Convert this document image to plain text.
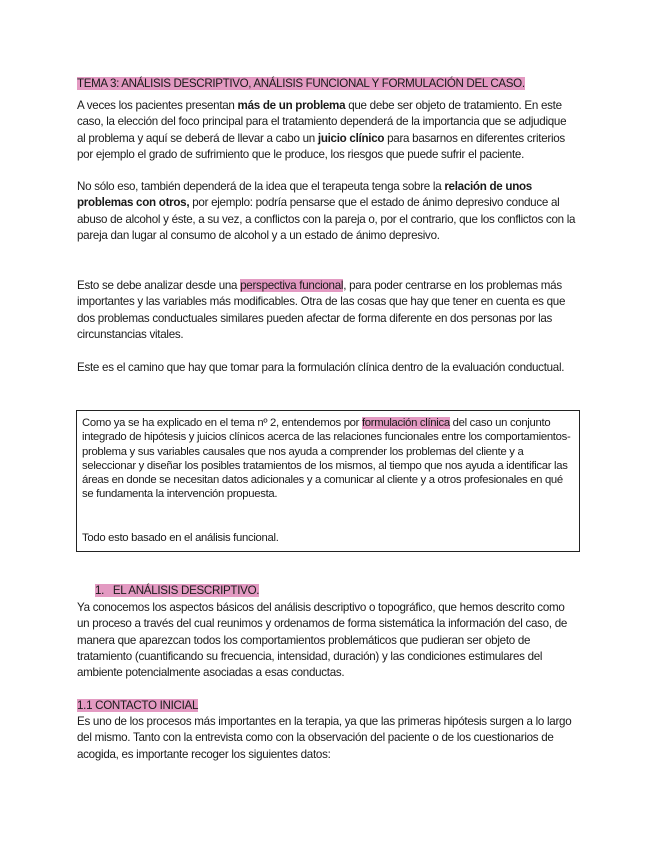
TEMA 3: ANÁLISIS DESCRIPTIVO, ANÁLISIS FUNCIONAL Y FORMULACIÓN DEL CASO.

A veces los pacientes presentan más de un problema que debe ser objeto de tratamiento. En este caso, la elección del foco principal para el tratamiento dependerá de la importancia que se adjudique al problema y aquí se deberá de llevar a cabo un juicio clínico para basarnos en diferentes criterios por ejemplo el grado de sufrimiento que le produce, los riesgos que puede sufrir el paciente.

No sólo eso, también dependerá de la idea que el terapeuta tenga sobre la relación de unos problemas con otros, por ejemplo: podría pensarse que el estado de ánimo depresivo conduce al abuso de alcohol y éste, a su vez, a conflictos con la pareja o, por el contrario, que los conflictos con la pareja dan lugar al consumo de alcohol y a un estado de ánimo depresivo.

Esto se debe analizar desde una perspectiva funcional, para poder centrarse en los problemas más importantes y las variables más modificables. Otra de las cosas que hay que tener en cuenta es que dos problemas conductuales similares pueden afectar de forma diferente en dos personas por las circunstancias vitales.

Este es el camino que hay que tomar para la formulación clínica dentro de la evaluación conductual.

Como ya se ha explicado en el tema nº 2, entendemos por formulación clínica del caso un conjunto integrado de hipótesis y juicios clínicos acerca de las relaciones funcionales entre los comportamientos-problema y sus variables causales que nos ayuda a comprender los problemas del cliente y a seleccionar y diseñar los posibles tratamientos de los mismos, al tiempo que nos ayuda a identificar las áreas en donde se necesitan datos adicionales y a comunicar al cliente y a otros profesionales en qué se fundamenta la intervención propuesta.

Todo esto basado en el análisis funcional.

1. EL ANÁLISIS DESCRIPTIVO.

Ya conocemos los aspectos básicos del análisis descriptivo o topográfico, que hemos descrito como un proceso a través del cual reunimos y ordenamos de forma sistemática la información del caso, de manera que aparezcan todos los comportamientos problemáticos que pudieran ser objeto de tratamiento (cuantificando su frecuencia, intensidad, duración) y las condiciones estimulares del ambiente potencialmente asociadas a esas conductas.

1.1 CONTACTO INICIAL

Es uno de los procesos más importantes en la terapia, ya que las primeras hipótesis surgen a lo largo del mismo. Tanto con la entrevista como con la observación del paciente o de los cuestionarios de acogida, es importante recoger los siguientes datos:
